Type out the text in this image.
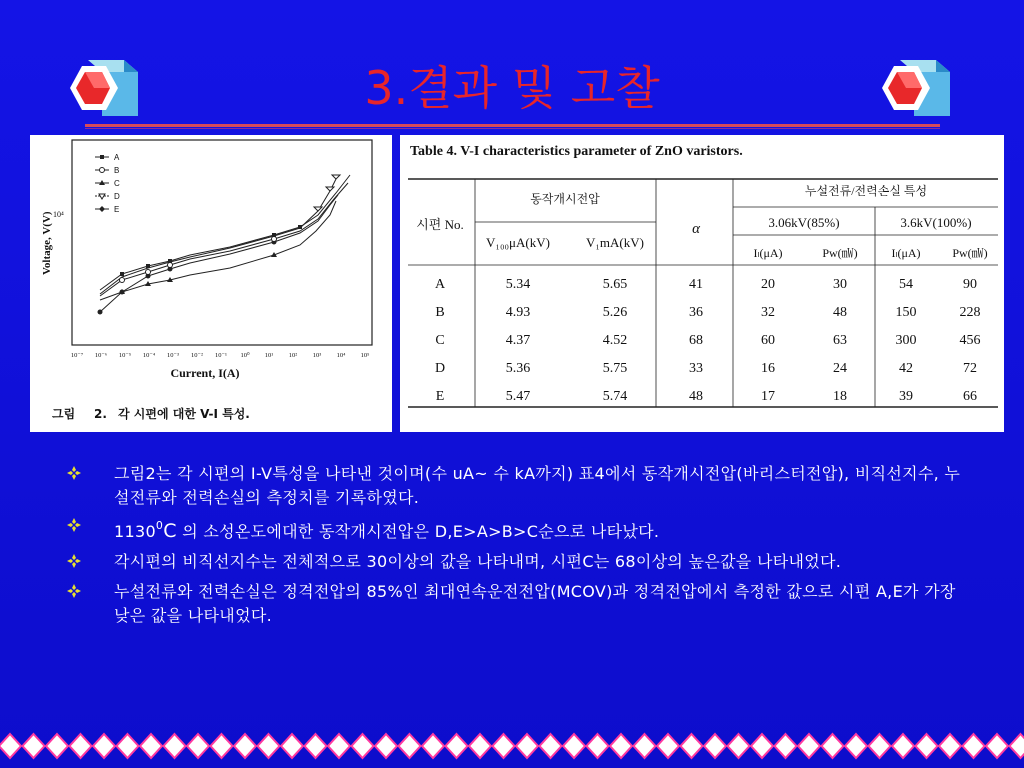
3.결과 및 고찰
Voltage, V(V) 10⁴
10⁻⁷ 10⁻⁶ 10⁻⁵ 10⁻⁴ 10⁻³ 10⁻² 10⁻¹ 10⁰ 10¹ 10² 10³ 10⁴ 10⁵
Current, I(A)
A
B
C
D
E
그림 2. 각 시편에 대한 V-I 특성.
Table 4. V-I characteristics parameter of ZnO varistors.
동작개시전압
누설전류/전력손실 특성
시편 No.
V₁₀₀μA(kV)	V₁mA(kV)
α	3.06kV(85%)	3.6kV(100%)
Iₗ(μA)	Pw(㎽)	Iₗ(μA)	Pw(㎽)
A	5.34	5.65	41	20	30	54	90
B	4.93	5.26	36	32	48	150	228
C	4.37	4.52	68	60	63	300	456
D	5.36	5.75	33	16	24	42	72
E	5.47	5.74	48	17	18	39	66
그림2는 각 시편의 I-V특성을 나타낸 것이며(수 uA~ 수 kA까지) 표4에서 동작개시전압(바리스터전압), 비직선지수, 누설전류와 전력손실의 측정치를 기록하였다.
1130$^0$C 의 소성온도에대한 동작개시전압은 D,E>A>B>C순으로 나타났다.
각시편의 비직선지수는 전체적으로 30이상의 값을 나타내며, 시편C는 68이상의 높은값을 나타내었다.
누설전류와 전력손실은 정격전압의 85%인 최대연속운전전압(MCOV)과 정격전압에서 측정한 값으로 시편 A,E가 가장 낮은 값을 나타내었다.
